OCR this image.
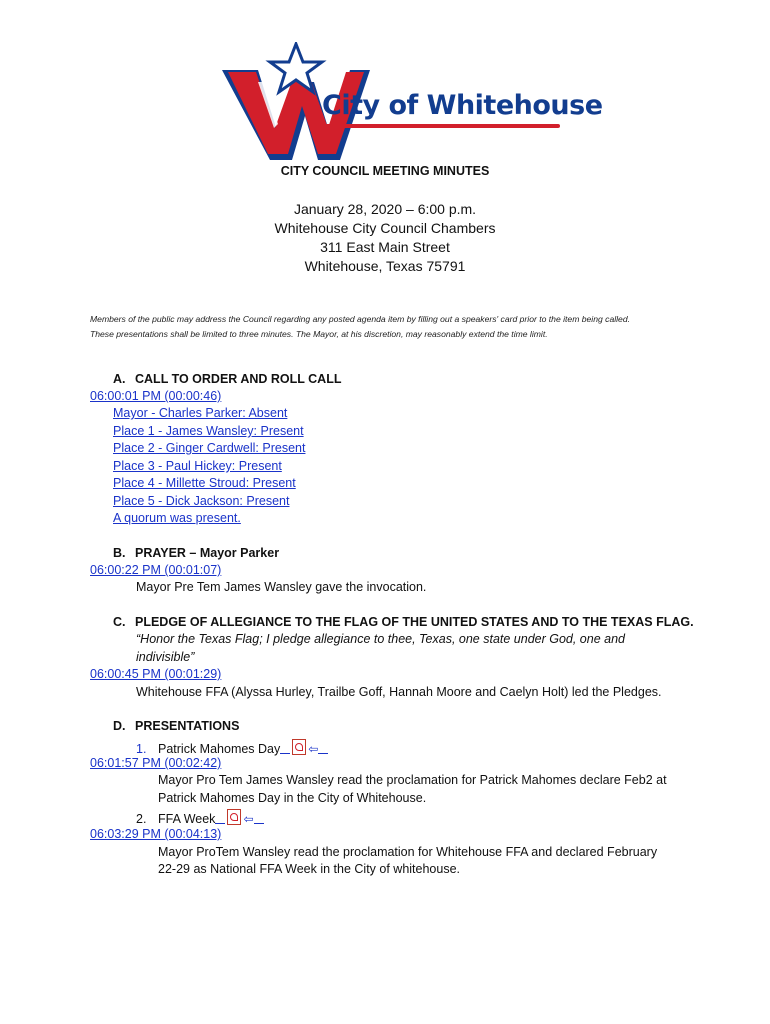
City of Whitehouse
CITY COUNCIL MEETING MINUTES
January 28, 2020 – 6:00 p.m.
Whitehouse City Council Chambers
311 East Main Street
Whitehouse, Texas 75791
Members of the public may address the Council regarding any posted agenda item by filling out a speakers' card prior to the item being called.
These presentations shall be limited to three minutes. The Mayor, at his discretion, may reasonably extend the time limit.
A. CALL TO ORDER AND ROLL CALL
06:00:01 PM (00:00:46)
Mayor - Charles Parker: Absent
Place 1 - James Wansley: Present
Place 2 - Ginger Cardwell: Present
Place 3 - Paul Hickey: Present
Place 4 - Millette Stroud: Present
Place 5 - Dick Jackson: Present
A quorum was present.
B. PRAYER – Mayor Parker
06:00:22 PM (00:01:07)
Mayor Pre Tem James Wansley gave the invocation.
C. PLEDGE OF ALLEGIANCE TO THE FLAG OF THE UNITED STATES AND TO THE TEXAS FLAG.
“Honor the Texas Flag; I pledge allegiance to thee, Texas, one state under God, one and
indivisible”
06:00:45 PM (00:01:29)
Whitehouse FFA (Alyssa Hurley, Trailbe Goff, Hannah Moore and Caelyn Holt) led the Pledges.
D. PRESENTATIONS
1. Patrick Mahomes Day ⇦
06:01:57 PM (00:02:42)
Mayor Pro Tem James Wansley read the proclamation for Patrick Mahomes declare Feb2 at
Patrick Mahomes Day in the City of Whitehouse.
2. FFA Week ⇦
06:03:29 PM (00:04:13)
Mayor ProTem Wansley read the proclamation for Whitehouse FFA and declared February
22-29 as National FFA Week in the City of whitehouse.
